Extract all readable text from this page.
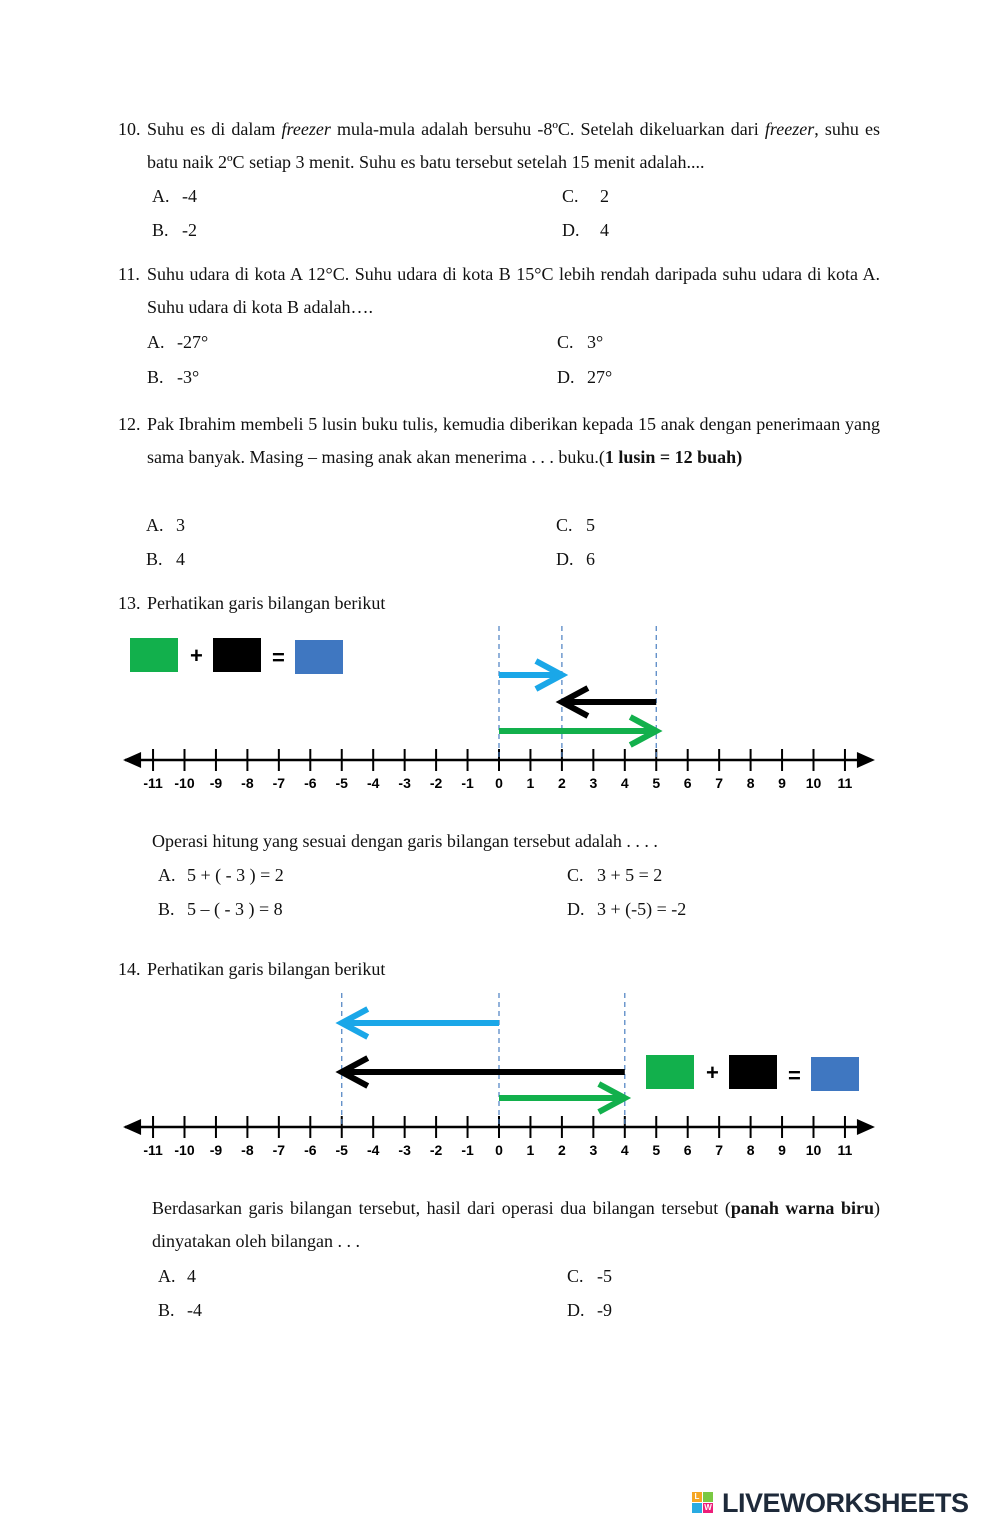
10. Suhu es di dalam freezer mula-mula adalah bersuhu -8ºC. Setelah dikeluarkan dari freezer, suhu es batu naik 2ºC setiap 3 menit. Suhu es batu tersebut setelah 15 menit adalah....
A. -4
B. -2
C. 2
D. 4
11. Suhu udara di kota A 12°C. Suhu udara di kota B 15°C lebih rendah daripada suhu udara di kota A. Suhu udara di kota B adalah….
A. -27°
B. -3°
C. 3°
D. 27°
12. Pak Ibrahim membeli 5 lusin buku tulis, kemudia diberikan kepada 15 anak dengan penerimaan yang sama banyak. Masing – masing anak akan menerima . . . buku.(1 lusin = 12 buah)
A. 3
B. 4
C. 5
D. 6
13. Perhatikan garis bilangan berikut
+	=
-11 -10 -9 -8 -7 -6 -5 -4 -3 -2 -1 0 1 2 3 4 5 6 7 8 9 10 11
Operasi hitung yang sesuai dengan garis bilangan tersebut adalah . . . .
A. 5 + ( - 3 ) = 2
B. 5 – ( - 3 ) = 8
C. 3 + 5 = 2
D. 3 + (-5) = -2
14. Perhatikan garis bilangan berikut
+	=
-11 -10 -9 -8 -7 -6 -5 -4 -3 -2 -1 0 1 2 3 4 5 6 7 8 9 10 11
Berdasarkan garis bilangan tersebut, hasil dari operasi dua bilangan tersebut (panah warna biru) dinyatakan oleh bilangan . . .
A. 4
B. -4
C. -5
D. -9
L
W LIVEWORKSHEETS
